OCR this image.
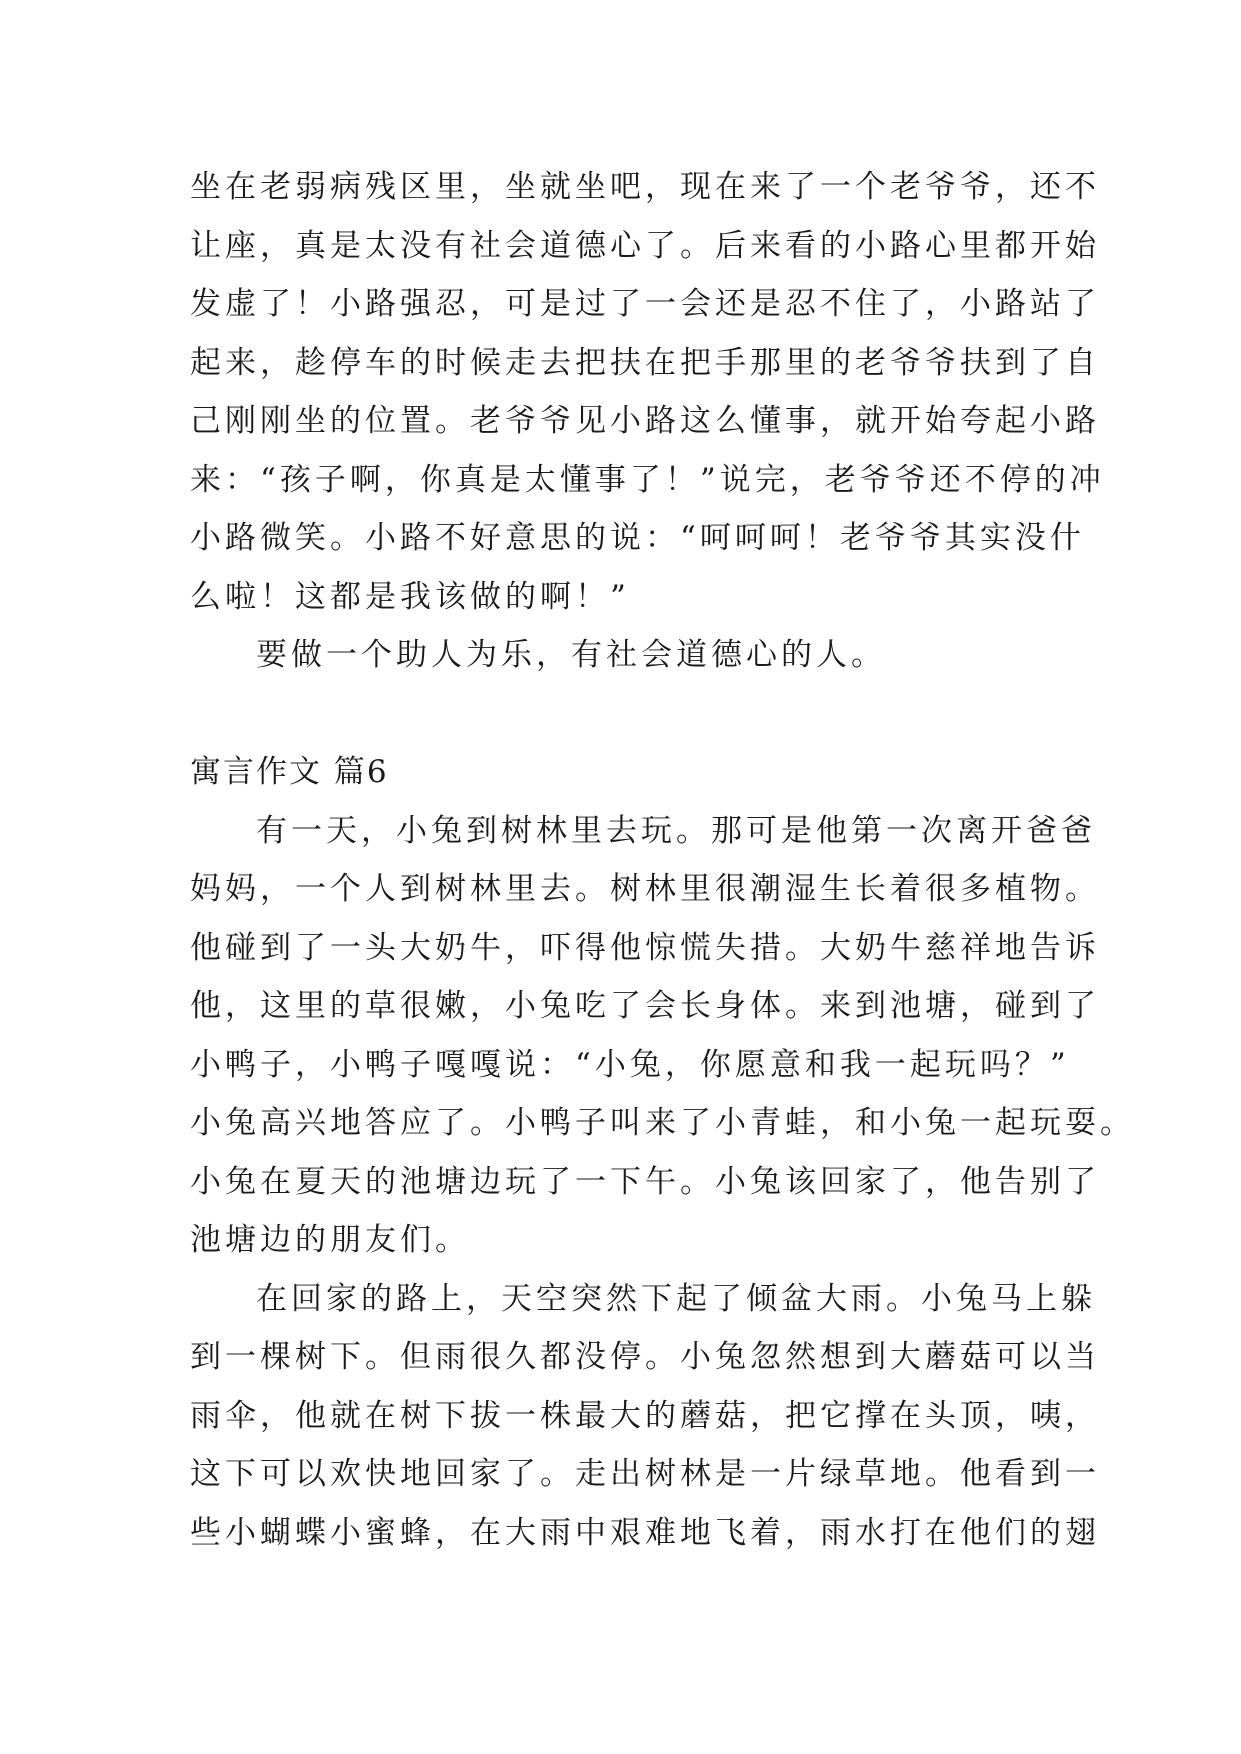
坐在老弱病残区里，坐就坐吧，现在来了一个老爷爷，还不
让座，真是太没有社会道德心了。后来看的小路心里都开始
发虚了！小路强忍，可是过了一会还是忍不住了，小路站了
起来，趁停车的时候走去把扶在把手那里的老爷爷扶到了自
己刚刚坐的位置。老爷爷见小路这么懂事，就开始夸起小路
来：“孩子啊，你真是太懂事了！”说完，老爷爷还不停的冲
小路微笑。小路不好意思的说：“呵呵呵！老爷爷其实没什
么啦！这都是我该做的啊！”
要做一个助人为乐，有社会道德心的人。
寓言作文 篇6
有一天，小兔到树林里去玩。那可是他第一次离开爸爸
妈妈，一个人到树林里去。树林里很潮湿生长着很多植物。
他碰到了一头大奶牛，吓得他惊慌失措。大奶牛慈祥地告诉
他，这里的草很嫩，小兔吃了会长身体。来到池塘，碰到了
小鸭子，小鸭子嘎嘎说：“小兔，你愿意和我一起玩吗？”
小兔高兴地答应了。小鸭子叫来了小青蛙，和小兔一起玩耍。
小兔在夏天的池塘边玩了一下午。小兔该回家了，他告别了
池塘边的朋友们。
在回家的路上，天空突然下起了倾盆大雨。小兔马上躲
到一棵树下。但雨很久都没停。小兔忽然想到大蘑菇可以当
雨伞，他就在树下拔一株最大的蘑菇，把它撑在头顶，咦，
这下可以欢快地回家了。走出树林是一片绿草地。他看到一
些小蝴蝶小蜜蜂，在大雨中艰难地飞着，雨水打在他们的翅
